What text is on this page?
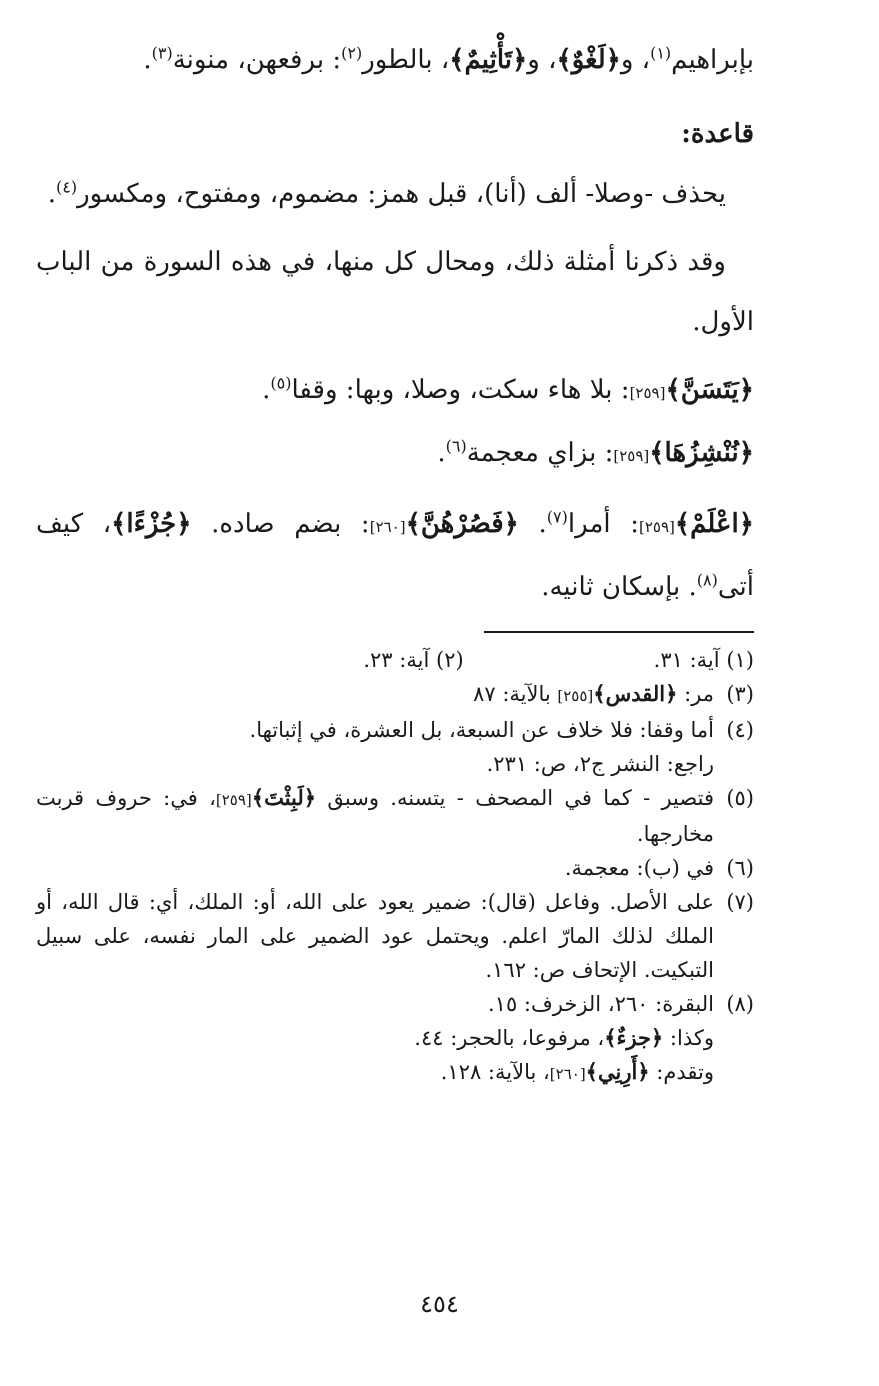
بإبراهيم$^{(١)}$، و﴿لَغْوٌ﴾، و﴿تَأْثِيمٌ﴾، بالطور$^{(٢)}$: برفعهن، منونة$^{(٣)}$.

قاعدة:

يحذف -وصلا- ألف (أنا)، قبل همز: مضموم، ومفتوح، ومكسور$^{(٤)}$.

وقد ذكرنا أمثلة ذلك، ومحال كل منها، في هذه السورة من الباب الأول.

﴿يَتَسَنَّ﴾[٢٥٩]: بلا هاء سكت، وصلا، وبها: وقفا$^{(٥)}$.
﴿نُنْشِزُهَا﴾[٢٥٩]: بزاي معجمة$^{(٦)}$.

﴿اعْلَمْ﴾[٢٥٩]: أمرا$^{(٧)}$. ﴿فَصُرْهُنَّ﴾[٢٦٠]: بضم صاده. ﴿جُزْءًا﴾، كيف أتى$^{(٨)}$. بإسكان ثانيه.

(١) آية: ٣١.
(٢) آية: ٢٣.

(٣)مر: ﴿القدس﴾[٢٥٥] بالآية: ٨٧

(٤)أما وقفا: فلا خلاف عن السبعة، بل العشرة، في إثباتها.

راجع: النشر ج٢، ص: ٢٣١.

(٥)فتصير - كما في المصحف - يتسنه. وسبق ﴿لَبِثْتَ﴾[٢٥٩]، في: حروف قربت مخارجها.

(٦)في (ب): معجمة.

(٧)على الأصل. وفاعل (قال): ضمير يعود على الله، أو: الملك، أي: قال الله، أو الملك لذلك المارّ اعلم. ويحتمل عود الضمير على المار نفسه، على سبيل التبكيت. الإتحاف ص: ١٦٢.

(٨)البقرة: ٢٦٠، الزخرف: ١٥.

وكذا: ﴿جزءٌ﴾، مرفوعا، بالحجر: ٤٤.

وتقدم: ﴿أَرِنِي﴾[٢٦٠]، بالآية: ١٢٨.

٤٥٤
